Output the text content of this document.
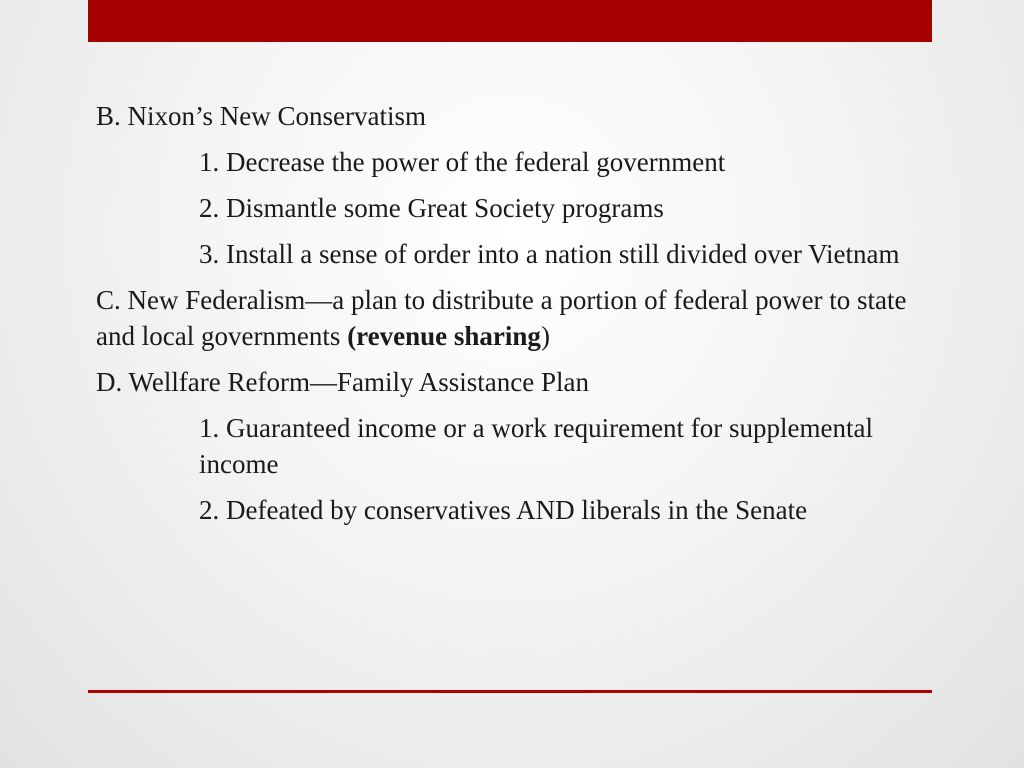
B. Nixon’s New Conservatism
1. Decrease the power of the federal government
2. Dismantle some Great Society programs
3. Install a sense of order into a nation still divided over Vietnam
C. New Federalism—a plan to distribute a portion of federal power to state and local governments (revenue sharing)
D. Wellfare Reform—Family Assistance Plan
1. Guaranteed income or a work requirement for supplemental income
2. Defeated by conservatives AND liberals in the Senate
